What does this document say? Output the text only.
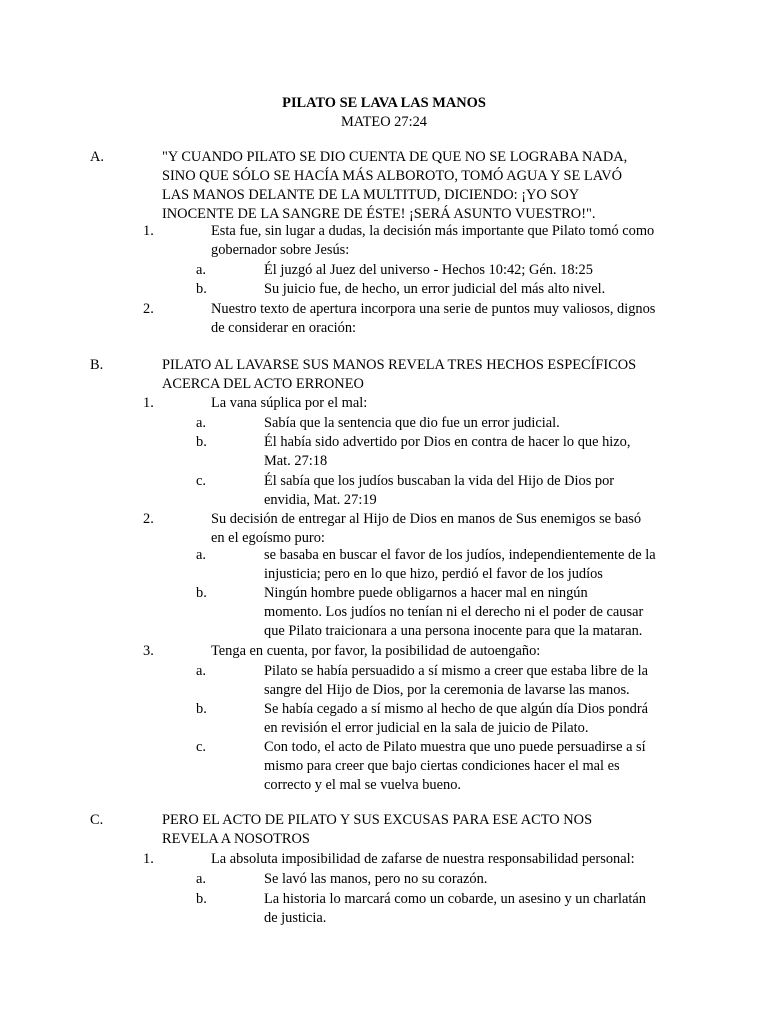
PILATO SE LAVA LAS MANOS
MATEO 27:24
A.	"Y CUANDO PILATO SE DIO CUENTA DE QUE NO SE LOGRABA NADA,
SINO QUE SÓLO SE HACÍA MÁS ALBOROTO, TOMÓ AGUA Y SE LAVÓ
LAS MANOS DELANTE DE LA MULTITUD, DICIENDO: ¡YO SOY
INOCENTE DE LA SANGRE DE ÉSTE! ¡SERÁ ASUNTO VUESTRO!".
1.	Esta fue, sin lugar a dudas, la decisión más importante que Pilato tomó como
gobernador sobre Jesús:
a.	Él juzgó al Juez del universo - Hechos 10:42; Gén. 18:25
b.	Su juicio fue, de hecho, un error judicial del más alto nivel.
2.	Nuestro texto de apertura incorpora una serie de puntos muy valiosos, dignos
de considerar en oración:
B.	PILATO AL LAVARSE SUS MANOS REVELA TRES HECHOS ESPECÍFICOS
ACERCA DEL ACTO ERRONEO
1.	La vana súplica por el mal:
a.	Sabía que la sentencia que dio fue un error judicial.
b.	Él había sido advertido por Dios en contra de hacer lo que hizo,
Mat. 27:18
c.	Él sabía que los judíos buscaban la vida del Hijo de Dios por
envidia, Mat. 27:19
2.	Su decisión de entregar al Hijo de Dios en manos de Sus enemigos se basó
en el egoísmo puro:
a.	se basaba en buscar el favor de los judíos, independientemente de la
injusticia; pero en lo que hizo, perdió el favor de los judíos
b.	Ningún hombre puede obligarnos a hacer mal en ningún
momento. Los judíos no tenían ni el derecho ni el poder de causar
que Pilato traicionara a una persona inocente para que la mataran.
3.	Tenga en cuenta, por favor, la posibilidad de autoengaño:
a.	Pilato se había persuadido a sí mismo a creer que estaba libre de la
sangre del Hijo de Dios, por la ceremonia de lavarse las manos.
b.	Se había cegado a sí mismo al hecho de que algún día Dios pondrá
en revisión el error judicial en la sala de juicio de Pilato.
c.	Con todo, el acto de Pilato muestra que uno puede persuadirse a sí
mismo para creer que bajo ciertas condiciones hacer el mal es
correcto y el mal se vuelva bueno.
C.	PERO EL ACTO DE PILATO Y SUS EXCUSAS PARA ESE ACTO NOS
REVELA A NOSOTROS
1.	La absoluta imposibilidad de zafarse de nuestra responsabilidad personal:
a.	Se lavó las manos, pero no su corazón.
b.	La historia lo marcará como un cobarde, un asesino y un charlatán
de justicia.
